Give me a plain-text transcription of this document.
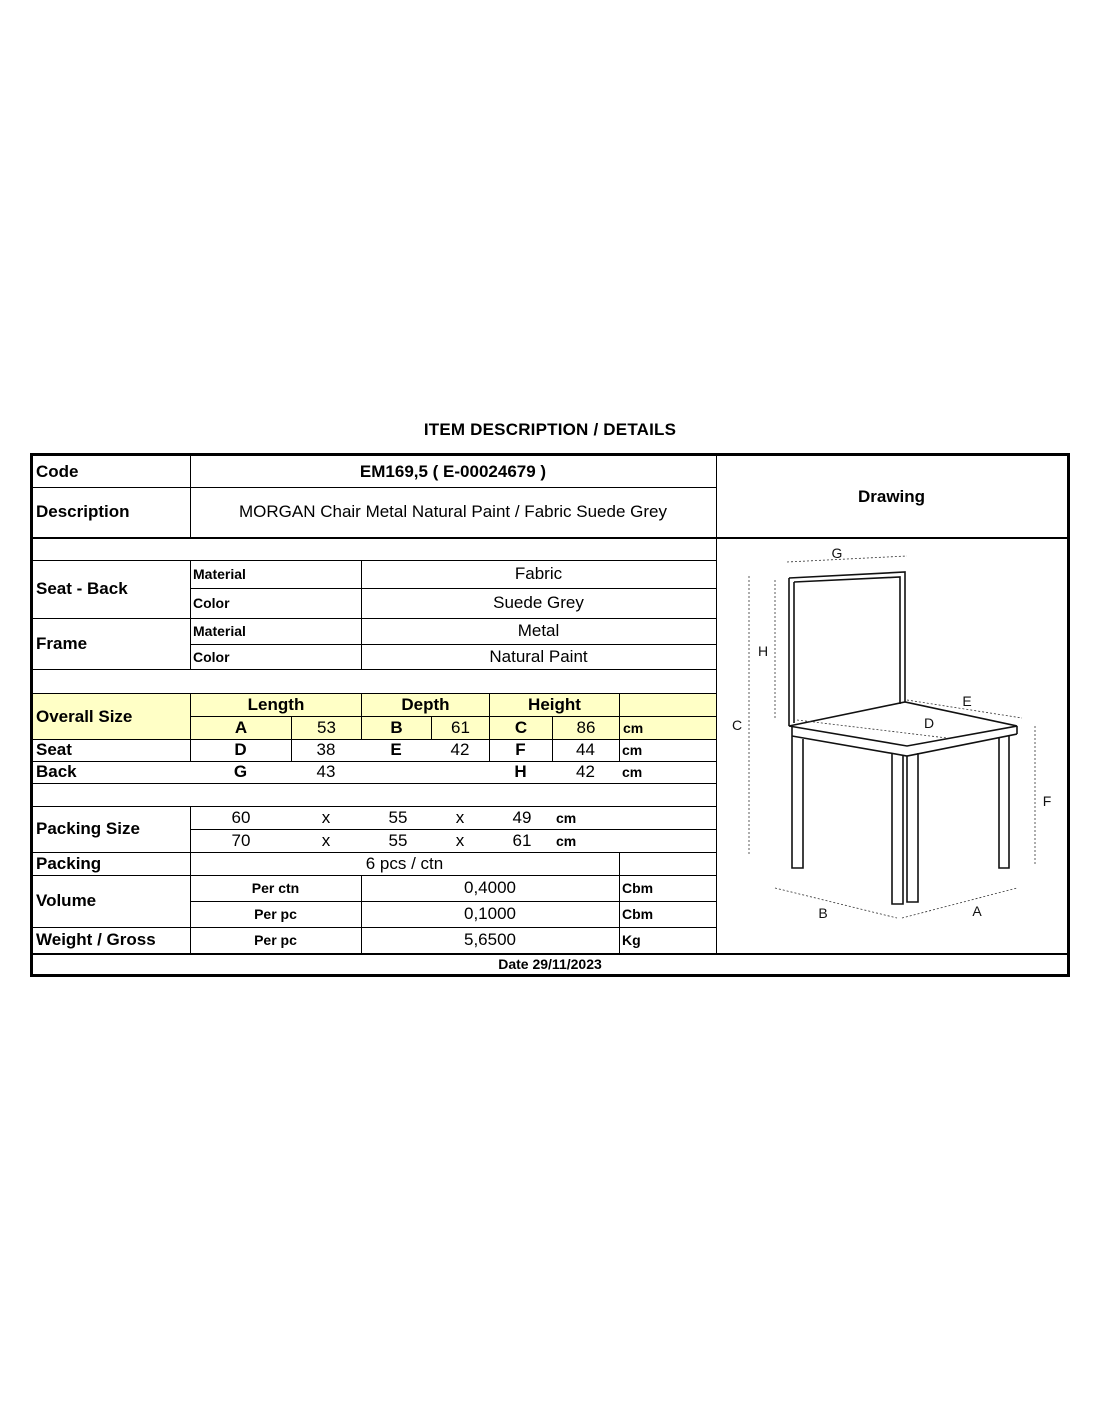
ITEM DESCRIPTION / DETAILS
Code	EM169,5 ( E-00024679 )
Description	MORGAN Chair Metal Natural Paint / Fabric Suede Grey
Drawing
Seat - Back
Material	Fabric
Color	Suede Grey
Frame
Material	Metal
Color	Natural Paint
Overall Size
Length	Depth	Height
A	53	B	61	C	86	cm
Seat	D	38	E	42	F	44	cm
Back	G	43	H	42	cm
Packing Size
60	x	55	x	49	cm
70	x	55	x	61	cm
Packing	6 pcs / ctn
Volume
Per ctn	0,4000	Cbm
Per pc	0,1000	Cbm
Weight / Gross	Per pc	5,6500	Kg
Date 29/11/2023
G
H
C
E
D
F
B	A
